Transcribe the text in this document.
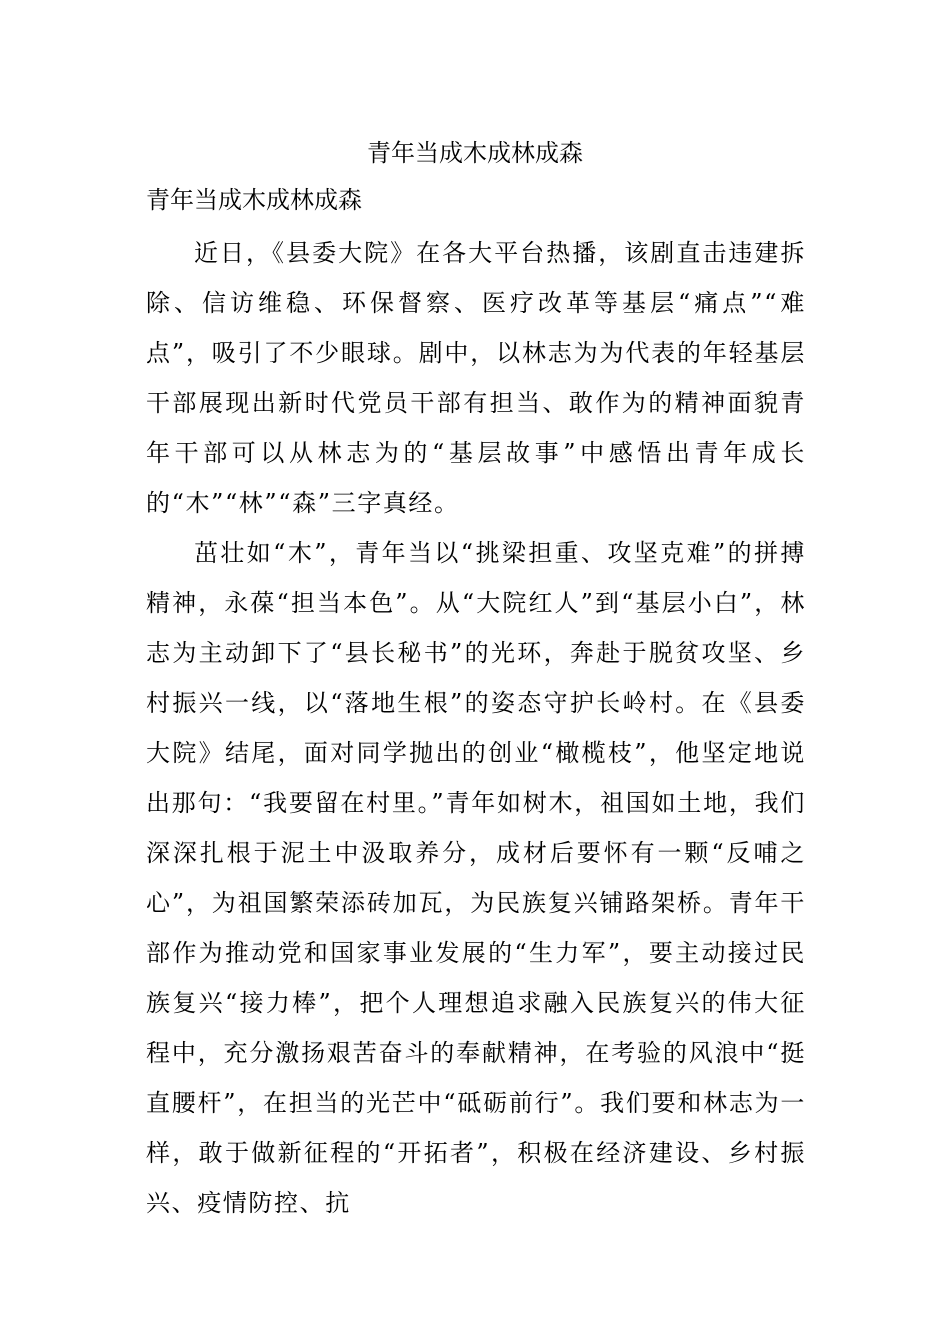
青年当成木成林成森
青年当成木成林成森

近日，《县委大院》在各大平台热播，该剧直击违建拆除、信访维稳、环保督察、医疗改革等基层“痛点”“难点”，吸引了不少眼球。剧中，以林志为为代表的年轻基层干部展现出新时代党员干部有担当、敢作为的精神面貌青年干部可以从林志为的“基层故事”中感悟出青年成长的“木”“林”“森”三字真经。

茁壮如“木”，青年当以“挑梁担重、攻坚克难”的拼搏精神，永葆“担当本色”。从“大院红人”到“基层小白”，林志为主动卸下了“县长秘书”的光环，奔赴于脱贫攻坚、乡村振兴一线，以“落地生根”的姿态守护长岭村。在《县委大院》结尾，面对同学抛出的创业“橄榄枝”，他坚定地说出那句：“我要留在村里。”青年如树木，祖国如土地，我们深深扎根于泥土中汲取养分，成材后要怀有一颗“反哺之心”，为祖国繁荣添砖加瓦，为民族复兴铺路架桥。青年干部作为推动党和国家事业发展的“生力军”，要主动接过民族复兴“接力棒”，把个人理想追求融入民族复兴的伟大征程中，充分激扬艰苦奋斗的奉献精神，在考验的风浪中“挺直腰杆”，在担当的光芒中“砥砺前行”。我们要和林志为一样，敢于做新征程的“开拓者”，积极在经济建设、乡村振兴、疫情防控、抗
